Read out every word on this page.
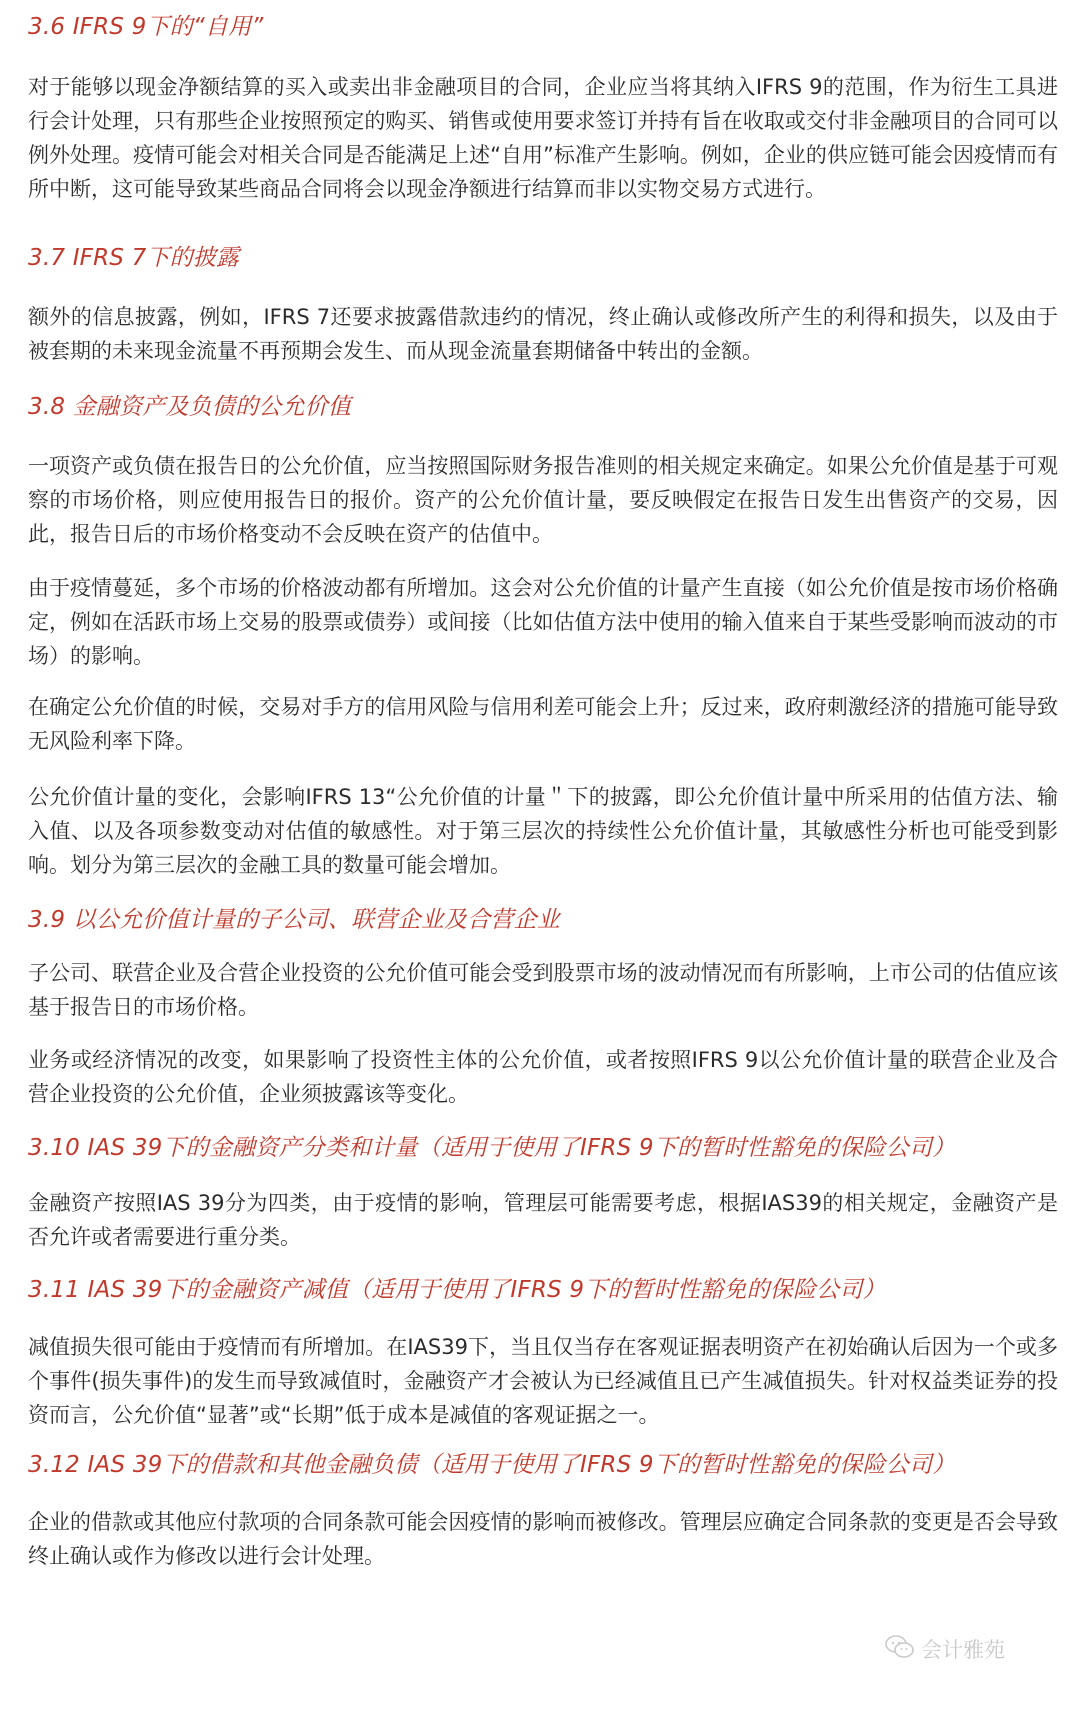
3.6 IFRS 9下的“自用”

对于能够以现金净额结算的买入或卖出非金融项目的合同，企业应当将其纳入IFRS 9的范围，作为衍生工具进行会计处理，只有那些企业按照预定的购买、销售或使用要求签订并持有旨在收取或交付非金融项目的合同可以例外处理。疫情可能会对相关合同是否能满足上述“自用”标准产生影响。例如，企业的供应链可能会因疫情而有所中断，这可能导致某些商品合同将会以现金净额进行结算而非以实物交易方式进行。

3.7 IFRS 7下的披露

额外的信息披露，例如，IFRS 7还要求披露借款违约的情况，终止确认或修改所产生的利得和损失，以及由于被套期的未来现金流量不再预期会发生、而从现金流量套期储备中转出的金额。

3.8 金融资产及负债的公允价值

一项资产或负债在报告日的公允价值，应当按照国际财务报告准则的相关规定来确定。如果公允价值是基于可观察的市场价格，则应使用报告日的报价。资产的公允价值计量，要反映假定在报告日发生出售资产的交易，因此，报告日后的市场价格变动不会反映在资产的估值中。

由于疫情蔓延，多个市场的价格波动都有所增加。这会对公允价值的计量产生直接（如公允价值是按市场价格确定，例如在活跃市场上交易的股票或债券）或间接（比如估值方法中使用的输入值来自于某些受影响而波动的市场）的影响。

在确定公允价值的时候，交易对手方的信用风险与信用利差可能会上升；反过来，政府刺激经济的措施可能导致无风险利率下降。

公允价值计量的变化，会影响IFRS 13“公允价值的计量＂下的披露，即公允价值计量中所采用的估值方法、输入值、以及各项参数变动对估值的敏感性。对于第三层次的持续性公允价值计量，其敏感性分析也可能受到影响。划分为第三层次的金融工具的数量可能会增加。

3.9 以公允价值计量的子公司、联营企业及合营企业

子公司、联营企业及合营企业投资的公允价值可能会受到股票市场的波动情况而有所影响，上市公司的估值应该基于报告日的市场价格。

业务或经济情况的改变，如果影响了投资性主体的公允价值，或者按照IFRS 9以公允价值计量的联营企业及合营企业投资的公允价值，企业须披露该等变化。

3.10 IAS 39下的金融资产分类和计量（适用于使用了IFRS 9下的暂时性豁免的保险公司）

金融资产按照IAS 39分为四类，由于疫情的影响，管理层可能需要考虑，根据IAS39的相关规定，金融资产是否允许或者需要进行重分类。

3.11 IAS 39下的金融资产减值（适用于使用了IFRS 9下的暂时性豁免的保险公司）

减值损失很可能由于疫情而有所增加。在IAS39下，当且仅当存在客观证据表明资产在初始确认后因为一个或多个事件(损失事件)的发生而导致减值时，金融资产才会被认为已经减值且已产生减值损失。针对权益类证券的投资而言，公允价值“显著”或“长期”低于成本是减值的客观证据之一。

3.12 IAS 39下的借款和其他金融负债（适用于使用了IFRS 9下的暂时性豁免的保险公司）

企业的借款或其他应付款项的合同条款可能会因疫情的影响而被修改。管理层应确定合同条款的变更是否会导致终止确认或作为修改以进行会计处理。

会计雅苑
